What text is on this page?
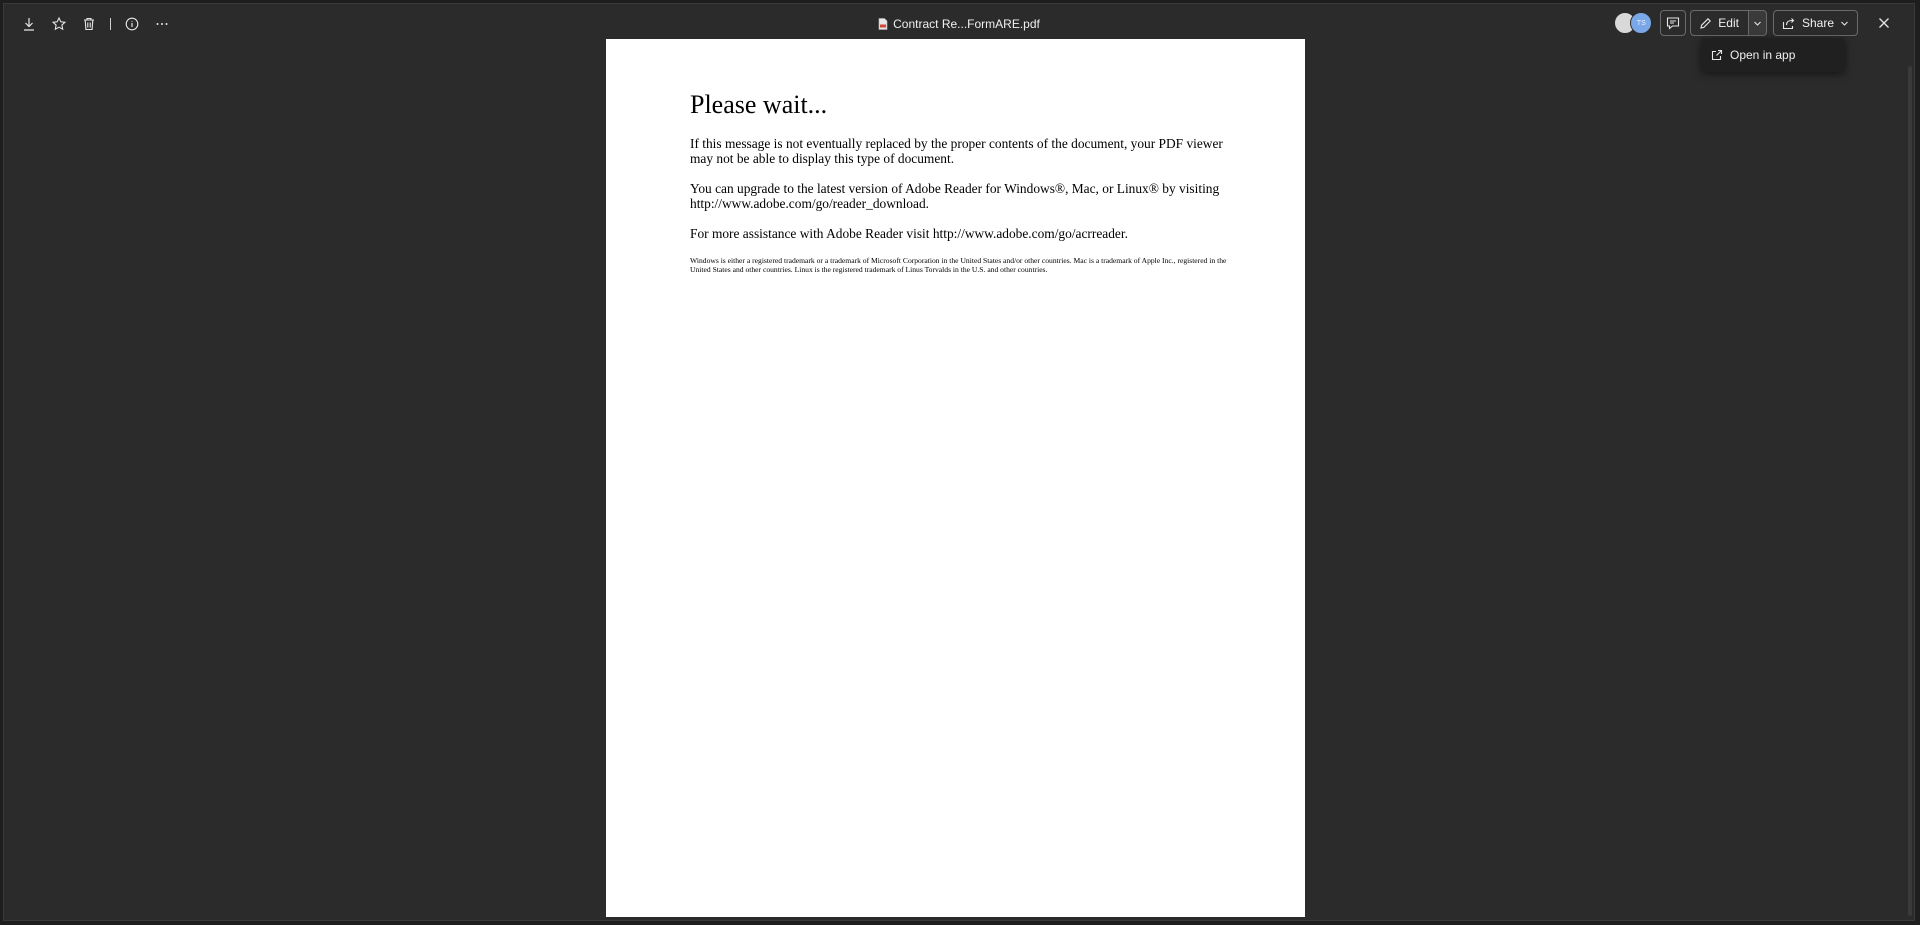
Contract Re...FormARE.pdf	TS	Edit	Share
Please wait...

If this message is not eventually replaced by the proper contents of the document, your PDF viewer may not be able to display this type of document.

You can upgrade to the latest version of Adobe Reader for Windows®, Mac, or Linux® by visiting http://www.adobe.com/go/reader_download.

For more assistance with Adobe Reader visit http://www.adobe.com/go/acrreader.

Windows is either a registered trademark or a trademark of Microsoft Corporation in the United States and/or other countries. Mac is a trademark of Apple Inc., registered in the United States and other countries. Linux is the registered trademark of Linus Torvalds in the U.S. and other countries.

Open in app
